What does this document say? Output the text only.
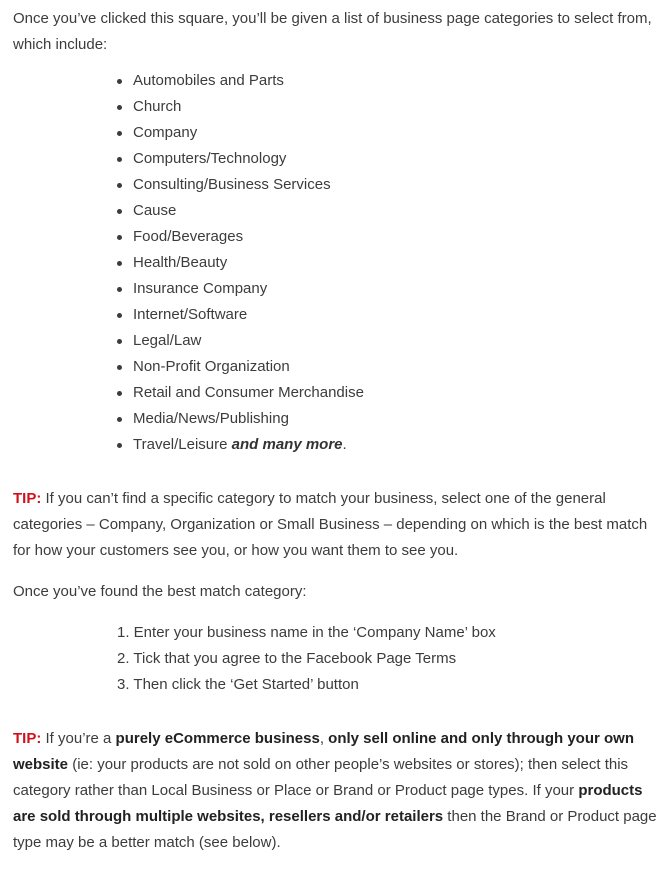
Once you’ve clicked this square, you’ll be given a list of business page categories to select from, which include:

Automobiles and Parts
Church
Company
Computers/Technology
Consulting/Business Services
Cause
Food/Beverages
Health/Beauty
Insurance Company
Internet/Software
Legal/Law
Non-Profit Organization
Retail and Consumer Merchandise
Media/News/Publishing
Travel/Leisure and many more.

TIP: If you can’t find a specific category to match your business, select one of the general categories – Company, Organization or Small Business – depending on which is the best match for how your customers see you, or how you want them to see you.

Once you’ve found the best match category:

1. Enter your business name in the ‘Company Name’ box
2. Tick that you agree to the Facebook Page Terms
3. Then click the ‘Get Started’ button

TIP: If you’re a purely eCommerce business, only sell online and only through your own website (ie: your products are not sold on other people’s websites or stores); then select this category rather than Local Business or Place or Brand or Product page types. If your products are sold through multiple websites, resellers and/or retailers then the Brand or Product page type may be a better match (see below).
